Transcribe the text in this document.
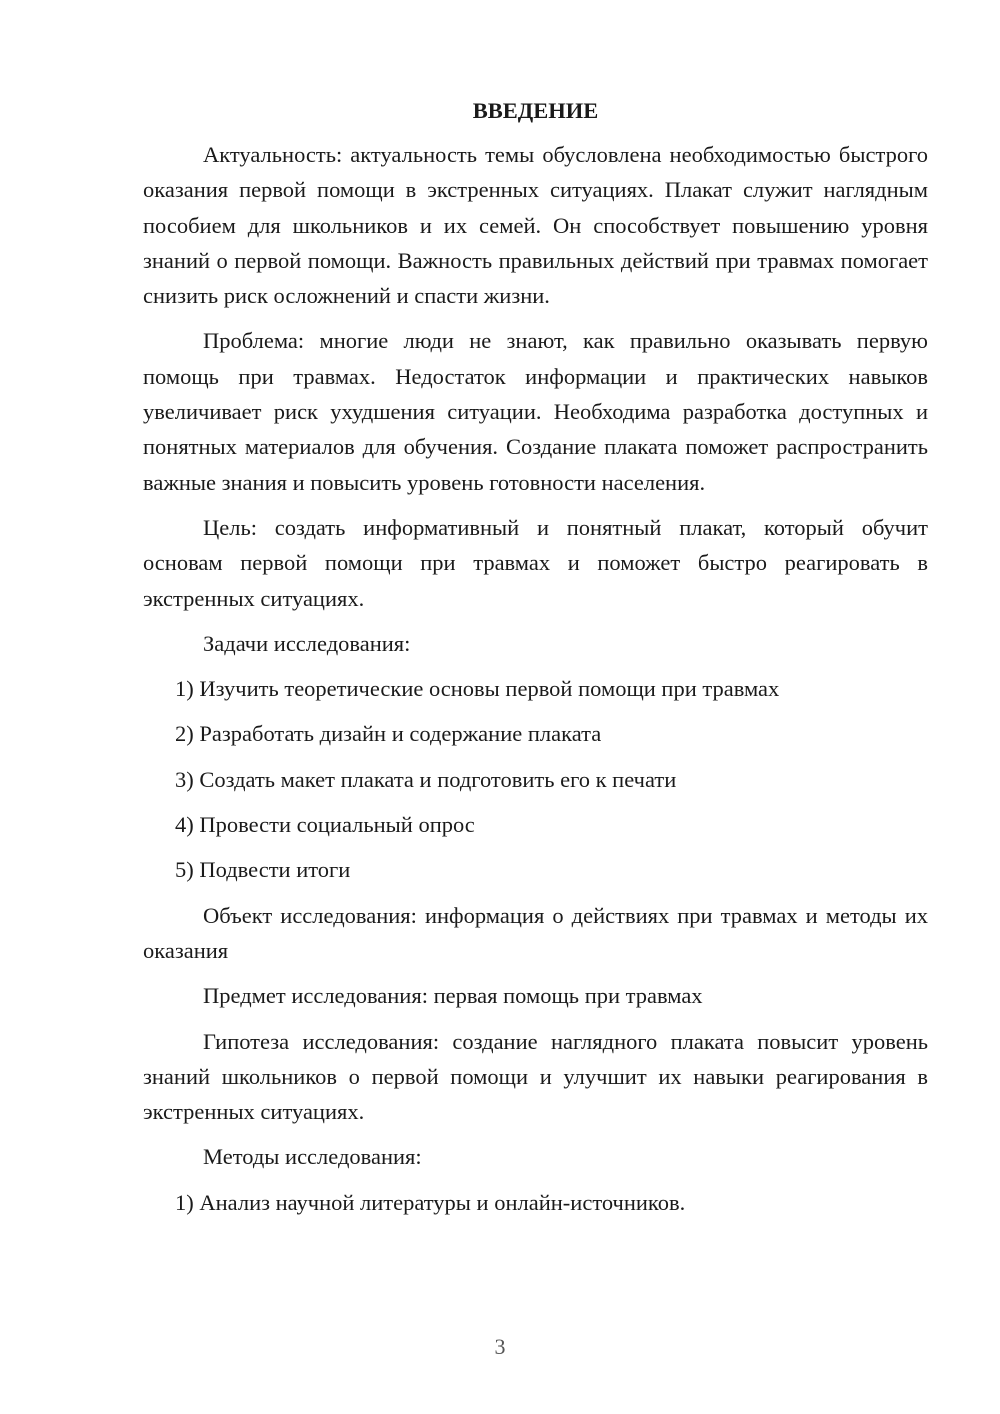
ВВЕДЕНИЕ

Актуальность: актуальность темы обусловлена необходимостью быстрого оказания первой помощи в экстренных ситуациях. Плакат служит наглядным пособием для школьников и их семей. Он способствует повышению уровня знаний о первой помощи. Важность правильных действий при травмах помогает снизить риск осложнений и спасти жизни.

Проблема: многие люди не знают, как правильно оказывать первую помощь при травмах. Недостаток информации и практических навыков увеличивает риск ухудшения ситуации. Необходима разработка доступных и понятных материалов для обучения. Создание плаката поможет распространить важные знания и повысить уровень готовности населения.

Цель: создать информативный и понятный плакат, который обучит основам первой помощи при травмах и поможет быстро реагировать в экстренных ситуациях.

Задачи исследования:

1) Изучить теоретические основы первой помощи при травмах
2) Разработать дизайн и содержание плаката
3) Создать макет плаката и подготовить его к печати
4) Провести социальный опрос
5) Подвести итоги

Объект исследования: информация о действиях при травмах и методы их оказания

Предмет исследования: первая помощь при травмах

Гипотеза исследования: создание наглядного плаката повысит уровень знаний школьников о первой помощи и улучшит их навыки реагирования в экстренных ситуациях.

Методы исследования:

1) Анализ научной литературы и онлайн-источников.
3
